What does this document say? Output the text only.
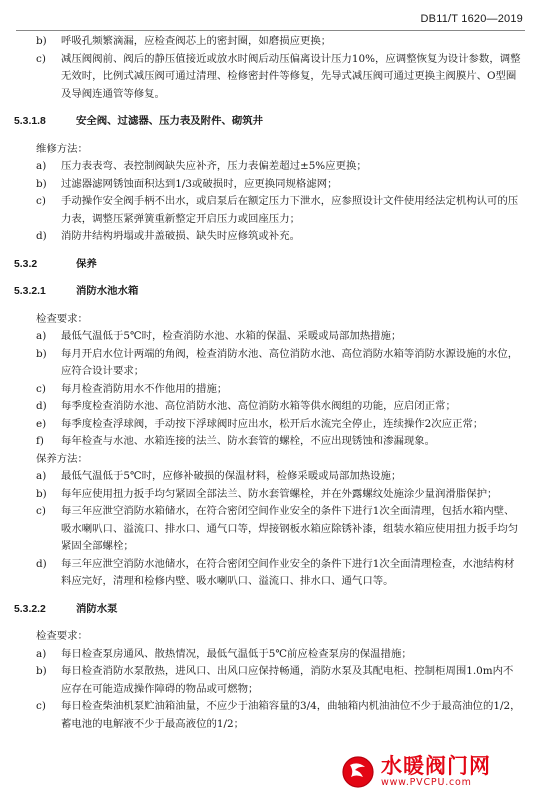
DB11/T 1620—2019
b)	呼吸孔频繁滴漏，应检查阀芯上的密封圈，如磨损应更换；
c)	减压阀阀前、阀后的静压值接近或放水时阀后动压偏离设计压力10%，应调整恢复为设计参数，调整无效时，比例式减压阀可通过清理、检修密封件等修复，先导式减压阀可通过更换主阀膜片、O型圈及导阀连通管等修复。
5.3.1.8	安全阀、过滤器、压力表及附件、砌筑井
维修方法：
a)	压力表表弯、表控制阀缺失应补齐，压力表偏差超过±5%应更换；
b)	过滤器滤网锈蚀面积达到1/3或破损时，应更换同规格滤网；
c)	手动操作安全阀手柄不出水，或启泵后在额定压力下泄水，应参照设计文件使用经法定机构认可的压力表，调整压紧弹簧重新整定开启压力或回座压力；
d)	消防井结构坍塌或井盖破损、缺失时应修筑或补充。
5.3.2	保养
5.3.2.1	消防水池水箱
检查要求：
a)	最低气温低于5℃时，检查消防水池、水箱的保温、采暖或局部加热措施；
b)	每月开启水位计两端的角阀，检查消防水池、高位消防水池、高位消防水箱等消防水源设施的水位，应符合设计要求；
c)	每月检查消防用水不作他用的措施；
d)	每季度检查消防水池、高位消防水池、高位消防水箱等供水阀组的功能，应启闭正常；
e)	每季度检查浮球阀，手动按下浮球阀时应出水，松开后水流完全停止，连续操作2次应正常；
f)	每年检查与水池、水箱连接的法兰、防水套管的螺栓，不应出现锈蚀和渗漏现象。
保养方法：
a)	最低气温低于5℃时，应修补破损的保温材料，检修采暖或局部加热设施；
b)	每年应使用扭力扳手均匀紧固全部法兰、防水套管螺栓，并在外露螺纹处施涂少量润滑脂保护；
c)	每三年应泄空消防水箱储水，在符合密闭空间作业安全的条件下进行1次全面清理，包括水箱内壁、吸水喇叭口、溢流口、排水口、通气口等，焊接钢板水箱应除锈补漆，组装水箱应使用扭力扳手均匀紧固全部螺栓；
d)	每三年应泄空消防水池储水，在符合密闭空间作业安全的条件下进行1次全面清理检查，水池结构材料应完好，清理和检修内壁、吸水喇叭口、溢流口、排水口、通气口等。
5.3.2.2	消防水泵
检查要求：
a)	每日检查泵房通风、散热情况，最低气温低于5℃前应检查泵房的保温措施；
b)	每日检查消防水泵散热，进风口、出风口应保持畅通，消防水泵及其配电柜、控制柜周围1.0m内不应存在可能造成操作障碍的物品或可燃物；
c)	每日检查柴油机泵贮油箱油量，不应少于油箱容量的3/4，曲轴箱内机油油位不少于最高油位的1/2，蓄电池的电解液不少于最高液位的1/2；
水暖阀门网
www.PVCPU.com
